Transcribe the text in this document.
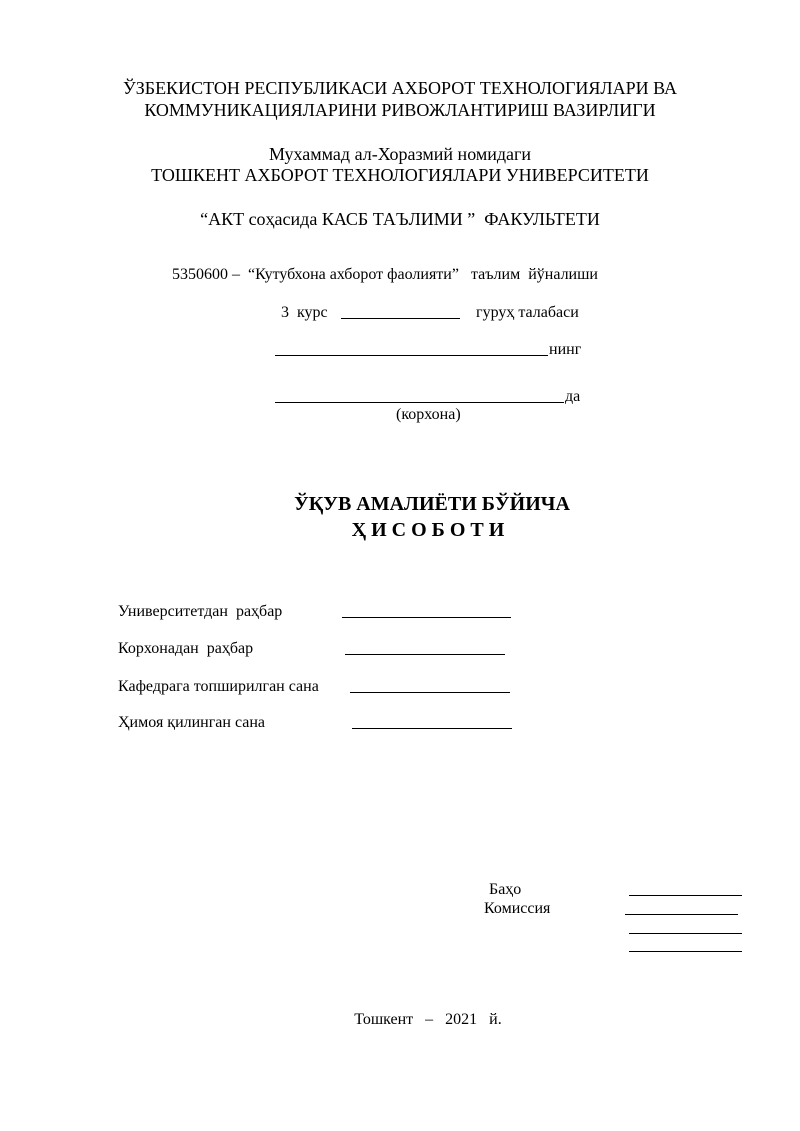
ЎЗБЕКИСТОН РЕСПУБЛИКАСИ АХБОРОТ ТЕХНОЛОГИЯЛАРИ ВА
КОММУНИКАЦИЯЛАРИНИ РИВОЖЛАНТИРИШ ВАЗИРЛИГИ
Мухаммад ал-Хоразмий номидаги
ТОШКЕНТ АХБОРОТ ТЕХНОЛОГИЯЛАРИ УНИВЕРСИТЕТИ
“АКТ соҳасида КАСБ ТАЪЛИМИ ”  ФАКУЛЬТЕТИ
5350600 –  “Кутубхона ахборот фаолияти”   таълим  йўналиши
3  курс	гуруҳ талабаси
нинг
да
(корхона)
ЎҚУВ АМАЛИЁТИ БЎЙИЧА
Ҳ И С О Б О Т И
Университетдан  раҳбар
Корхонадан  раҳбар
Кафедрага топширилган сана
Ҳимоя қилинган сана
Баҳо
Комиссия
Тошкент   –   2021   й.
